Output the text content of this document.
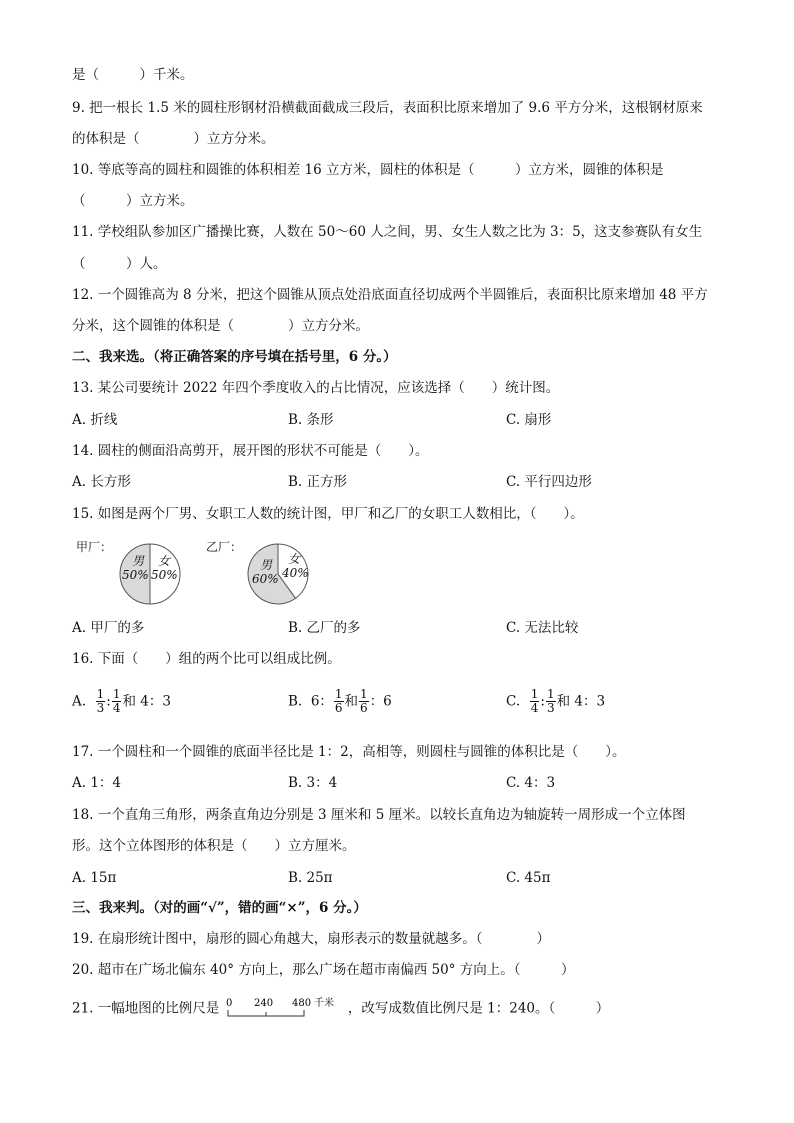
是（　　　）千米。
9. 把一根长 1.5 米的圆柱形钢材沿横截面截成三段后，表面积比原来增加了 9.6 平方分米，这根钢材原来
的体积是（　　　　）立方分米。
10. 等底等高的圆柱和圆锥的体积相差 16 立方米，圆柱的体积是（　　　）立方米，圆锥的体积是
（　　　）立方米。
11. 学校组队参加区广播操比赛，人数在 50～60 人之间，男、女生人数之比为 3：5，这支参赛队有女生
（　　　）人。
12. 一个圆锥高为 8 分米，把这个圆锥从顶点处沿底面直径切成两个半圆锥后，表面积比原来增加 48 平方
分米，这个圆锥的体积是（　　　　）立方分米。
二、我来选。（将正确答案的序号填在括号里，6 分。）
13. 某公司要统计 2022 年四个季度收入的占比情况，应该选择（　　）统计图。
A. 折线	B. 条形	C. 扇形
14. 圆柱的侧面沿高剪开，展开图的形状不可能是（　　）。
A. 长方形	B. 正方形	C. 平行四边形
15. 如图是两个厂男、女职工人数的统计图，甲厂和乙厂的女职工人数相比，（　　）。
甲厂：
男
50%
女
50%
乙厂：
男
60%
女
40%
A. 甲厂的多	B. 乙厂的多	C. 无法比较
16. 下面（　　）组的两个比可以组成比例。
A. $\frac{1}{3}$ : $\frac{1}{4}$ 和 4：3	B. 6： $\frac{1}{6}$ 和 $\frac{1}{6}$ ：6	C. $\frac{1}{4}$ : $\frac{1}{3}$ 和 4：3
17. 一个圆柱和一个圆锥的底面半径比是 1：2，高相等，则圆柱与圆锥的体积比是（　　）。
A. 1：4	B. 3：4	C. 4：3
18. 一个直角三角形，两条直角边分别是 3 厘米和 5 厘米。以较长直角边为轴旋转一周形成一个立体图
形。这个立体图形的体积是（　　）立方厘米。
A. 15π	B. 25π	C. 45π
三、我来判。（对的画“√”，错的画“×”，6 分。）
19. 在扇形统计图中，扇形的圆心角越大，扇形表示的数量就越多。（　　　　）
20. 超市在广场北偏东 40° 方向上，那么广场在超市南偏西 50° 方向上。（　　　）
21. 一幅地图的比例尺是 0 240 480 千米 ，改写成数值比例尺是 1：240。（　　　）
